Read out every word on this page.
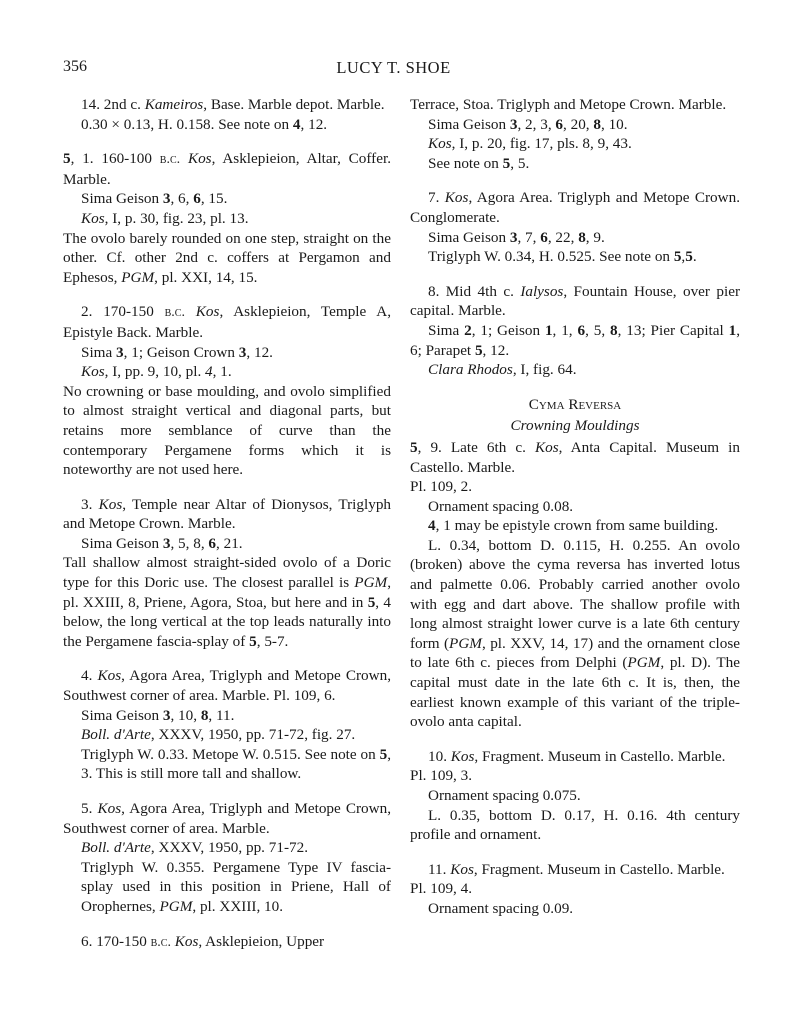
356	LUCY T. SHOE

14. 2nd c. Kameiros, Base. Marble depot. Marble.

0.30 × 0.13, H. 0.158. See note on 4, 12.

5, 1. 160-100 b.c. Kos, Asklepieion, Altar, Coffer. Marble.

Sima Geison 3, 6, 6, 15.

Kos, I, p. 30, fig. 23, pl. 13.

The ovolo barely rounded on one step, straight on the other. Cf. other 2nd c. coffers at Pergamon and Ephesos, PGM, pl. XXI, 14, 15.

2. 170-150 b.c. Kos, Asklepieion, Temple A, Epistyle Back. Marble.

Sima 3, 1; Geison Crown 3, 12.

Kos, I, pp. 9, 10, pl. 4, 1.

No crowning or base moulding, and ovolo simplified to almost straight vertical and diagonal parts, but retains more semblance of curve than the contemporary Pergamene forms which it is noteworthy are not used here.

3. Kos, Temple near Altar of Dionysos, Triglyph and Metope Crown. Marble.

Sima Geison 3, 5, 8, 6, 21.

Tall shallow almost straight-sided ovolo of a Doric type for this Doric use. The closest parallel is PGM, pl. XXIII, 8, Priene, Agora, Stoa, but here and in 5, 4 below, the long vertical at the top leads naturally into the Pergamene fascia-splay of 5, 5-7.

4. Kos, Agora Area, Triglyph and Metope Crown, Southwest corner of area. Marble. Pl. 109, 6.

Sima Geison 3, 10, 8, 11.

Boll. d'Arte, XXXV, 1950, pp. 71-72, fig. 27.

Triglyph W. 0.33. Metope W. 0.515. See note on 5, 3. This is still more tall and shallow.

5. Kos, Agora Area, Triglyph and Metope Crown, Southwest corner of area. Marble.

Boll. d'Arte, XXXV, 1950, pp. 71-72.

Triglyph W. 0.355. Pergamene Type IV fascia-splay used in this position in Priene, Hall of Orophernes, PGM, pl. XXIII, 10.

6. 170-150 b.c. Kos, Asklepieion, Upper

Terrace, Stoa. Triglyph and Metope Crown. Marble.

Sima Geison 3, 2, 3, 6, 20, 8, 10.

Kos, I, p. 20, fig. 17, pls. 8, 9, 43.

See note on 5, 5.

7. Kos, Agora Area. Triglyph and Metope Crown. Conglomerate.

Sima Geison 3, 7, 6, 22, 8, 9.

Triglyph W. 0.34, H. 0.525. See note on 5,5.

8. Mid 4th c. Ialysos, Fountain House, over pier capital. Marble.

Sima 2, 1; Geison 1, 1, 6, 5, 8, 13; Pier Capital 1, 6; Parapet 5, 12.

Clara Rhodos, I, fig. 64.

Cyma Reversa

Crowning Mouldings

5, 9. Late 6th c. Kos, Anta Capital. Museum in Castello. Marble.

Pl. 109, 2.

Ornament spacing 0.08.

4, 1 may be epistyle crown from same building.

L. 0.34, bottom D. 0.115, H. 0.255. An ovolo (broken) above the cyma reversa has inverted lotus and palmette 0.06. Probably carried another ovolo with egg and dart above. The shallow profile with long almost straight lower curve is a late 6th century form (PGM, pl. XXV, 14, 17) and the ornament close to late 6th c. pieces from Delphi (PGM, pl. D). The capital must date in the late 6th c. It is, then, the earliest known example of this variant of the triple-ovolo anta capital.

10. Kos, Fragment. Museum in Castello. Marble.

Pl. 109, 3.

Ornament spacing 0.075.

L. 0.35, bottom D. 0.17, H. 0.16. 4th century profile and ornament.

11. Kos, Fragment. Museum in Castello. Marble.

Pl. 109, 4.

Ornament spacing 0.09.
